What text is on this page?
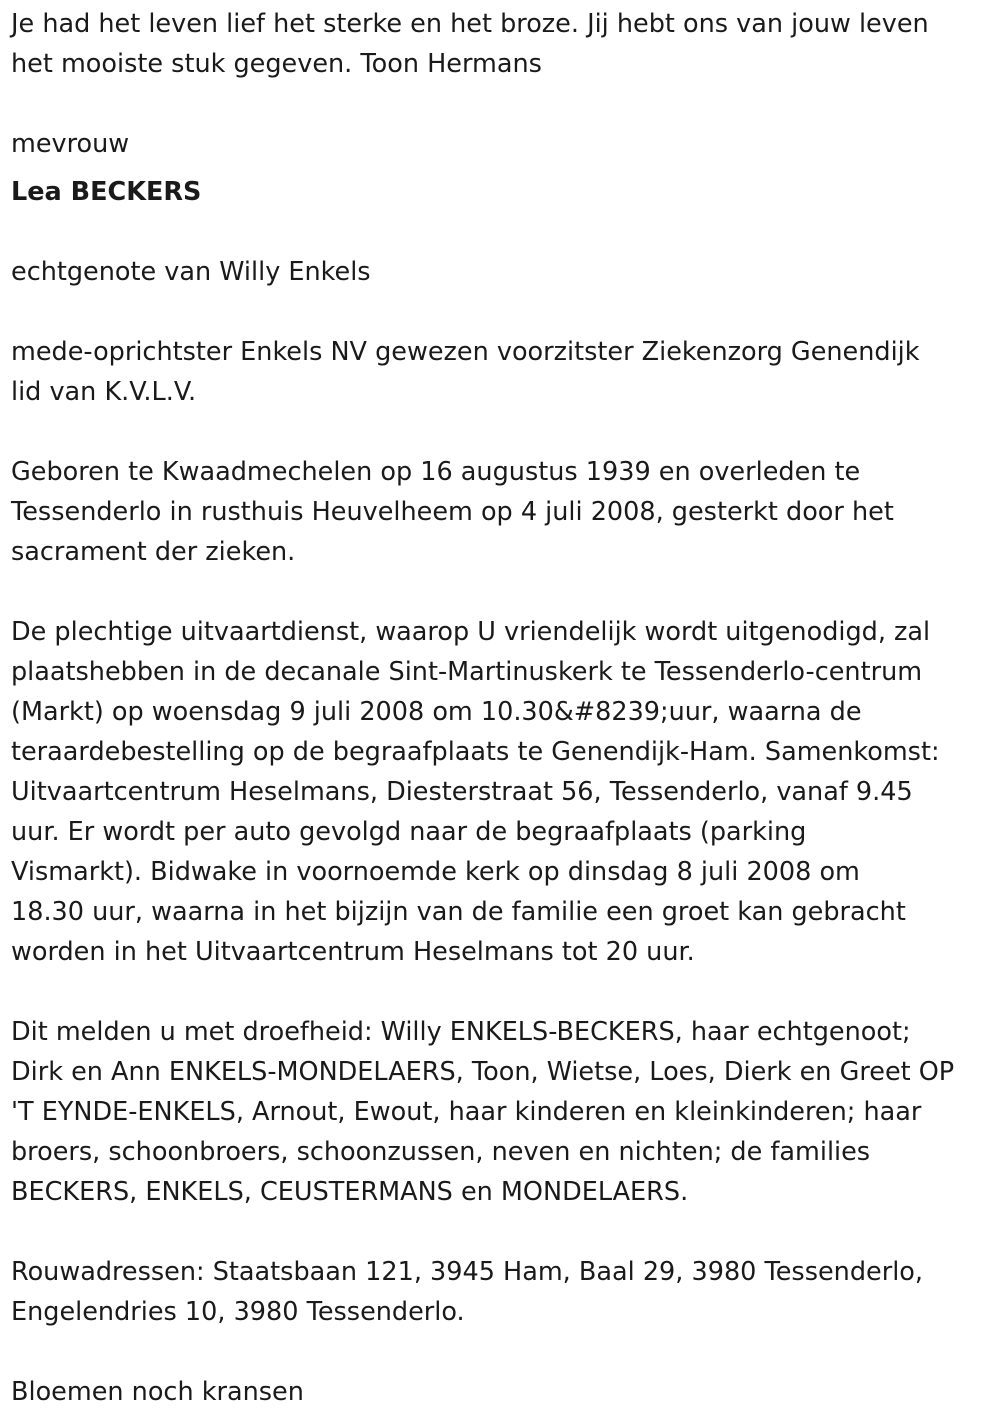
Je had het leven lief het sterke en het broze. Jij hebt ons van jouw leven
het mooiste stuk gegeven. Toon Hermans

mevrouw

Lea BECKERS

echtgenote van Willy Enkels

mede-oprichtster Enkels NV gewezen voorzitster Ziekenzorg Genendijk
lid van K.V.L.V.

Geboren te Kwaadmechelen op 16 augustus 1939 en overleden te
Tessenderlo in rusthuis Heuvelheem op 4 juli 2008, gesterkt door het
sacrament der zieken.

De plechtige uitvaartdienst, waarop U vriendelijk wordt uitgenodigd, zal
plaatshebben in de decanale Sint-Martinuskerk te Tessenderlo-centrum
(Markt) op woensdag 9 juli 2008 om 10.30&#8239;uur, waarna de
teraardebestelling op de begraafplaats te Genendijk-Ham. Samenkomst:
Uitvaartcentrum Heselmans, Diesterstraat 56, Tessenderlo, vanaf 9.45
uur. Er wordt per auto gevolgd naar de begraafplaats (parking
Vismarkt). Bidwake in voornoemde kerk op dinsdag 8 juli 2008 om
18.30 uur, waarna in het bijzijn van de familie een groet kan gebracht
worden in het Uitvaartcentrum Heselmans tot 20 uur.

Dit melden u met droefheid: Willy ENKELS-BECKERS, haar echtgenoot;
Dirk en Ann ENKELS-MONDELAERS, Toon, Wietse, Loes, Dierk en Greet OP
'T EYNDE-ENKELS, Arnout, Ewout, haar kinderen en kleinkinderen; haar
broers, schoonbroers, schoonzussen, neven en nichten; de families
BECKERS, ENKELS, CEUSTERMANS en MONDELAERS.

Rouwadressen: Staatsbaan 121, 3945 Ham, Baal 29, 3980 Tessenderlo,
Engelendries 10, 3980 Tessenderlo.

Bloemen noch kransen
